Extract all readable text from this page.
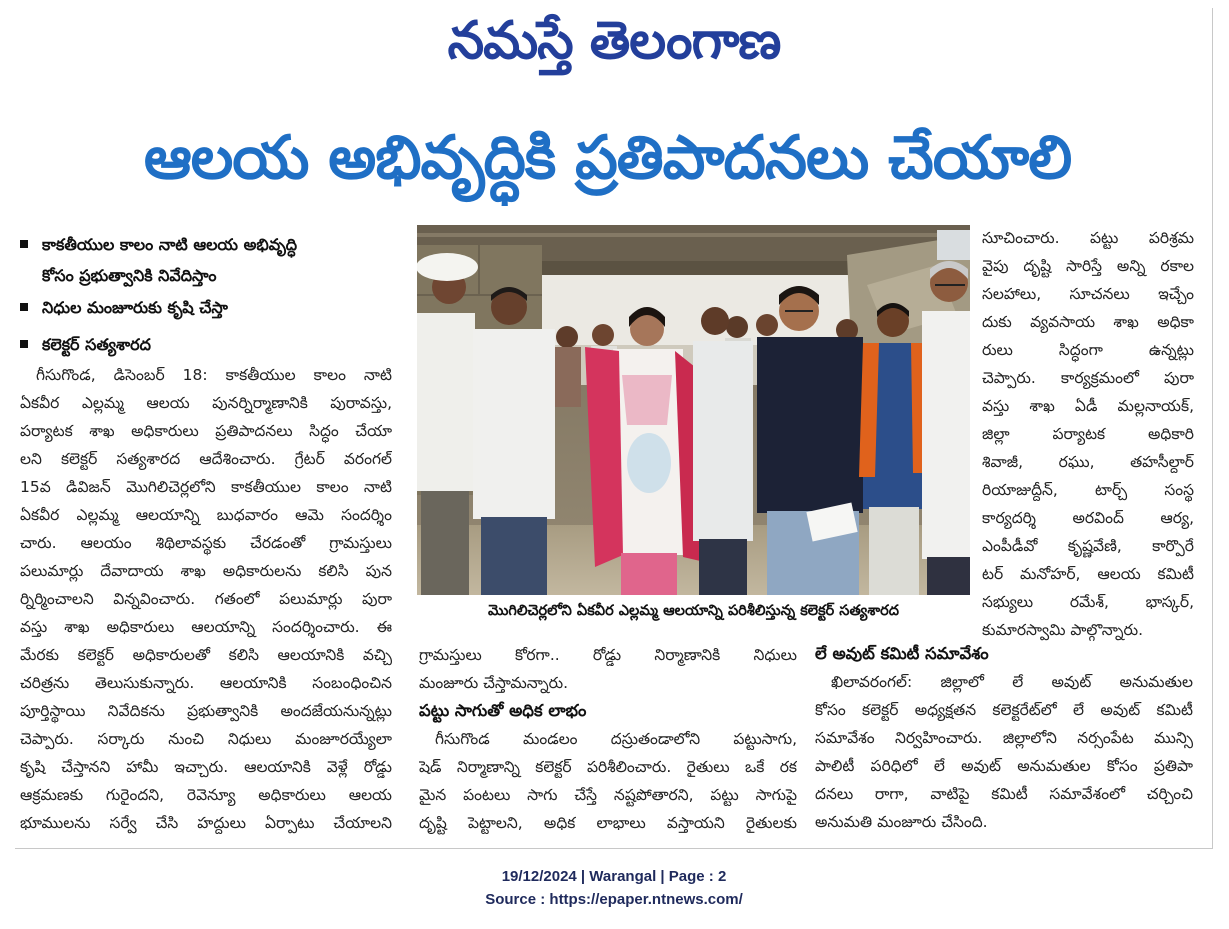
నమస్తే తెలంగాణ
ఆలయ అభివృద్ధికి ప్రతిపాదనలు చేయాలి
కాకతీయుల కాలం నాటి ఆలయ అభివృద్ధి
కోసం ప్రభుత్వానికి నివేదిస్తాం
నిధుల మంజూరుకు కృషి చేస్తా
కలెక్టర్ సత్యశారద
గీసుగొండ, డిసెంబర్ 18: కాకతీయుల కాలం నాటి
ఏకవీర ఎల్లమ్మ ఆలయ పునర్నిర్మాణానికి పురావస్తు,
పర్యాటక శాఖ అధికారులు ప్రతిపాదనలు సిద్ధం చేయా
లని కలెక్టర్ సత్యశారద ఆదేశించారు. గ్రేటర్ వరంగల్
15వ డివిజన్ మొగిలిచెర్లలోని కాకతీయుల కాలం నాటి
ఏకవీర ఎల్లమ్మ ఆలయాన్ని బుధవారం ఆమె సందర్శిం
చారు. ఆలయం శిథిలావస్థకు చేరడంతో గ్రామస్తులు
పలుమార్లు దేవాదాయ శాఖ అధికారులను కలిసి పున
ర్నిర్మించాలని విన్నవించారు. గతంలో పలుమార్లు పురా
వస్తు శాఖ అధికారులు ఆలయాన్ని సందర్శించారు. ఈ
మేరకు కలెక్టర్ అధికారులతో కలిసి ఆలయానికి వచ్చి
చరిత్రను తెలుసుకున్నారు. ఆలయానికి సంబంధించిన
పూర్తిస్థాయి నివేదికను ప్రభుత్వానికి అందజేయనున్నట్లు
చెప్పారు. సర్కారు నుంచి నిధులు మంజూరయ్యేలా
కృషి చేస్తానని హామీ ఇచ్చారు. ఆలయానికి వెళ్లే రోడ్డు
ఆక్రమణకు గురైందని, రెవెన్యూ అధికారులు ఆలయ
భూములను సర్వే చేసి హద్దులు ఏర్పాటు చేయాలని
మొగిలిచెర్లలోని ఏకవీర ఎల్లమ్మ ఆలయాన్ని పరిశీలిస్తున్న కలెక్టర్ సత్యశారద
సూచించారు. పట్టు పరిశ్రమ
వైపు దృష్టి సారిస్తే అన్ని రకాల
సలహాలు, సూచనలు ఇచ్చేం
దుకు వ్యవసాయ శాఖ అధికా
రులు సిద్ధంగా ఉన్నట్లు
చెప్పారు. కార్యక్రమంలో పురా
వస్తు శాఖ ఏడీ మల్లనాయక్,
జిల్లా పర్యాటక అధికారి
శివాజీ, రఘు, తహసీల్దార్
రియాజుద్దీన్, టార్చ్ సంస్థ
కార్యదర్శి అరవింద్ ఆర్య,
ఎంపీడీవో కృష్ణవేణి, కార్పొరే
టర్ మనోహర్, ఆలయ కమిటీ
సభ్యులు రమేశ్, భాస్కర్,
కుమారస్వామి పాల్గొన్నారు.
గ్రామస్తులు కోరగా.. రోడ్డు నిర్మాణానికి నిధులు
మంజూరు చేస్తామన్నారు.
పట్టు సాగుతో అధిక లాభం
గీసుగొండ మండలం దస్రుతండాలోని పట్టుసాగు,
షెడ్ నిర్మాణాన్ని కలెక్టర్ పరిశీలించారు. రైతులు ఒకే రక
మైన పంటలు సాగు చేస్తే నష్టపోతారని, పట్టు సాగుపై
దృష్టి పెట్టాలని, అధిక లాభాలు వస్తాయని రైతులకు
లే అవుట్ కమిటీ సమావేశం
ఖిలావరంగల్: జిల్లాలో లే అవుట్ అనుమతుల
కోసం కలెక్టర్ అధ్యక్షతన కలెక్టరేట్‌లో లే అవుట్ కమిటీ
సమావేశం నిర్వహించారు. జిల్లాలోని నర్సంపేట మున్సి
పాలిటీ పరిధిలో లే అవుట్ అనుమతుల కోసం ప్రతిపా
దనలు రాగా, వాటిపై కమిటీ సమావేశంలో చర్చించి
అనుమతి మంజూరు చేసింది.
19/12/2024 | Warangal | Page : 2
Source : https://epaper.ntnews.com/
